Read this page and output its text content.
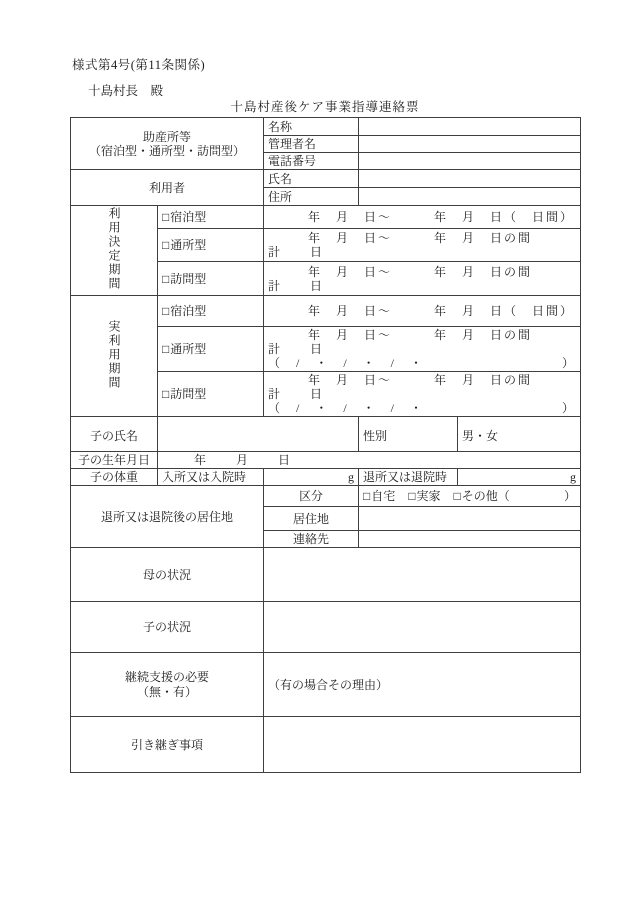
様式第4号(第11条関係)
十島村長　殿
十島村産後ケア事業指導連絡票
助産所等
（宿泊型・通所型・訪問型）		名称		
		管理者名		
		電話番号		
利用者		氏名		
		住所		
利用決定期間	□宿泊型	年　月　日～　　　年　月　日（　日間）		

	□通所型	年　月　日～　　　年　月　日の間
計　　日		

	□訪問型	年　月　日～　　　年　月　日の間
計　　日		

実利用期間	□宿泊型	年　月　日～　　　年　月　日（　日間）		

	□通所型	年　月　日～　　　年　月　日の間
計　　日
（　/　・　/　・　/　・ ）		

	□訪問型	年　月　日～　　　年　月　日の間
計　　日
（　/　・　/　・　/　・ ）		

子の氏名			性別	男・女
子の生年月日	年　　月　　日			

子の体重	入所又は入院時	g	退所又は退院時	g
退所又は退院後の居住地		区分	□自宅 □実家 □その他（ ）	

		居住地		
		連絡先		
母の状況				
子の状況				

継続支援の必要
（無・有）		（有の場合その理由）		
引き継ぎ事項				
